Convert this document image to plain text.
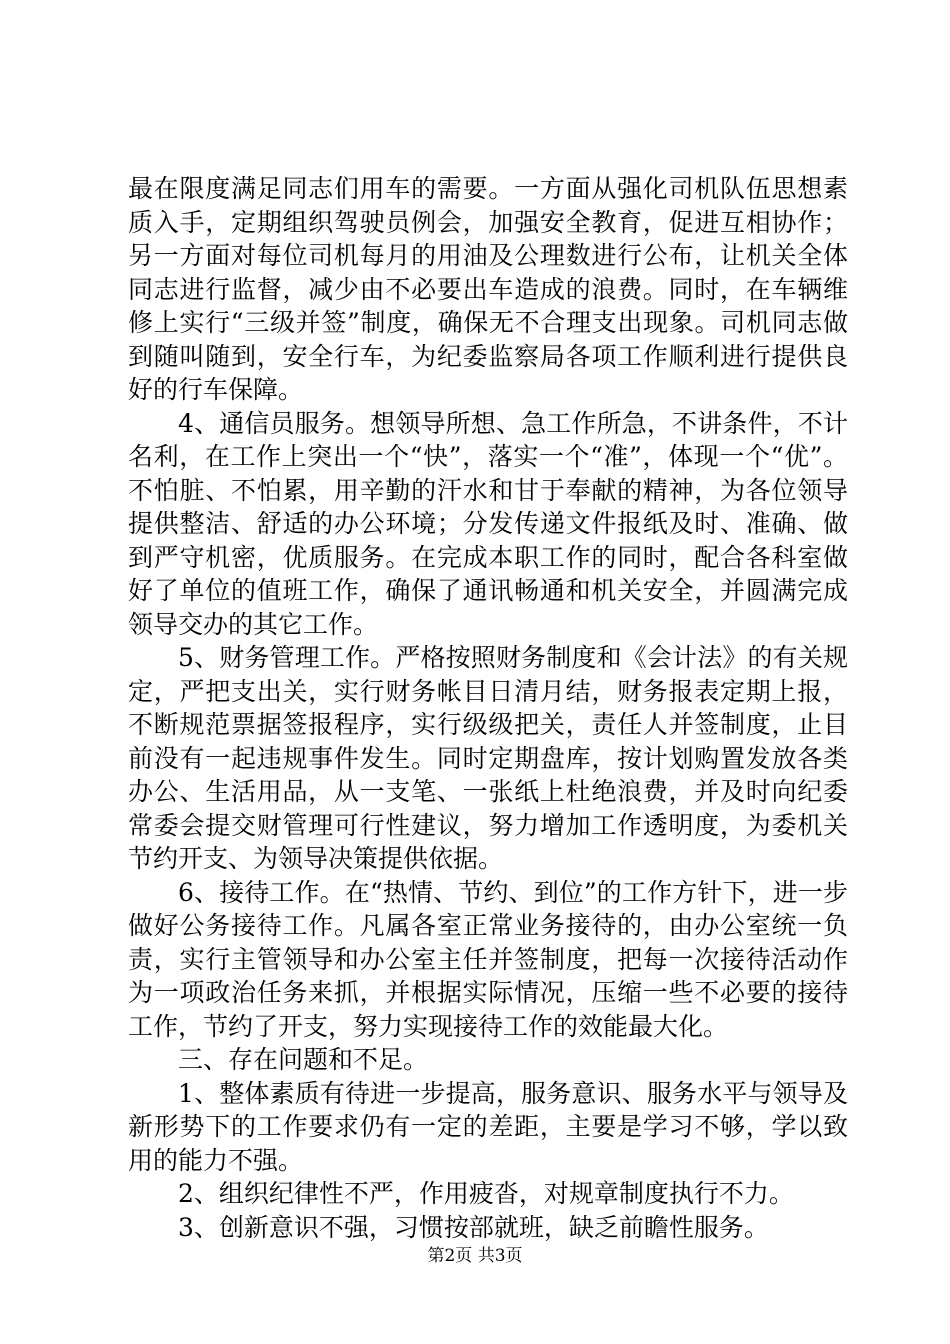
最在限度满足同志们用车的需要。一方面从强化司机队伍思想素质入手，定期组织驾驶员例会，加强安全教育，促进互相协作；另一方面对每位司机每月的用油及公理数进行公布，让机关全体同志进行监督，减少由不必要出车造成的浪费。同时，在车辆维修上实行“三级并签”制度，确保无不合理支出现象。司机同志做到随叫随到，安全行车，为纪委监察局各项工作顺利进行提供良好的行车保障。

4、通信员服务。想领导所想、急工作所急，不讲条件，不计名利，在工作上突出一个“快”，落实一个“准”，体现一个“优”。不怕脏、不怕累，用辛勤的汗水和甘于奉献的精神，为各位领导提供整洁、舒适的办公环境；分发传递文件报纸及时、准确、做到严守机密，优质服务。在完成本职工作的同时，配合各科室做好了单位的值班工作，确保了通讯畅通和机关安全，并圆满完成领导交办的其它工作。

5、财务管理工作。严格按照财务制度和《会计法》的有关规定，严把支出关，实行财务帐目日清月结，财务报表定期上报，不断规范票据签报程序，实行级级把关，责任人并签制度，止目前没有一起违规事件发生。同时定期盘库，按计划购置发放各类办公、生活用品，从一支笔、一张纸上杜绝浪费，并及时向纪委常委会提交财管理可行性建议，努力增加工作透明度，为委机关节约开支、为领导决策提供依据。

6、接待工作。在“热情、节约、到位”的工作方针下，进一步做好公务接待工作。凡属各室正常业务接待的，由办公室统一负责，实行主管领导和办公室主任并签制度，把每一次接待活动作为一项政治任务来抓，并根据实际情况，压缩一些不必要的接待工作，节约了开支，努力实现接待工作的效能最大化。

三、存在问题和不足。

1、整体素质有待进一步提高，服务意识、服务水平与领导及新形势下的工作要求仍有一定的差距，主要是学习不够，学以致用的能力不强。

2、组织纪律性不严，作用疲沓，对规章制度执行不力。

3、创新意识不强，习惯按部就班，缺乏前瞻性服务。

第2页 共3页
